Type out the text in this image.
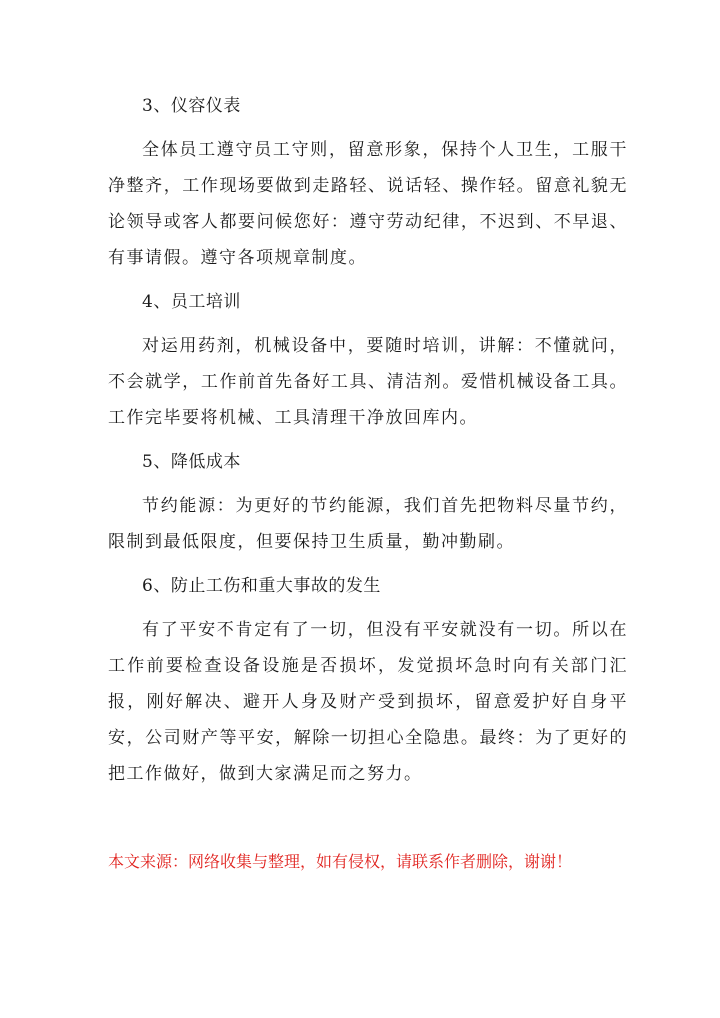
3、仪容仪表
全体员工遵守员工守则，留意形象，保持个人卫生，工服干净整齐，工作现场要做到走路轻、说话轻、操作轻。留意礼貌无论领导或客人都要问候您好：遵守劳动纪律，不迟到、不早退、有事请假。遵守各项规章制度。
4、员工培训
对运用药剂，机械设备中，要随时培训，讲解：不懂就问，不会就学，工作前首先备好工具、清洁剂。爱惜机械设备工具。工作完毕要将机械、工具清理干净放回库内。
5、降低成本
节约能源：为更好的节约能源，我们首先把物料尽量节约，限制到最低限度，但要保持卫生质量，勤冲勤刷。
6、防止工伤和重大事故的发生
有了平安不肯定有了一切，但没有平安就没有一切。所以在工作前要检查设备设施是否损坏，发觉损坏急时向有关部门汇报，刚好解决、避开人身及财产受到损坏，留意爱护好自身平安，公司财产等平安，解除一切担心全隐患。最终：为了更好的把工作做好，做到大家满足而之努力。
本文来源：网络收集与整理，如有侵权，请联系作者删除，谢谢！
